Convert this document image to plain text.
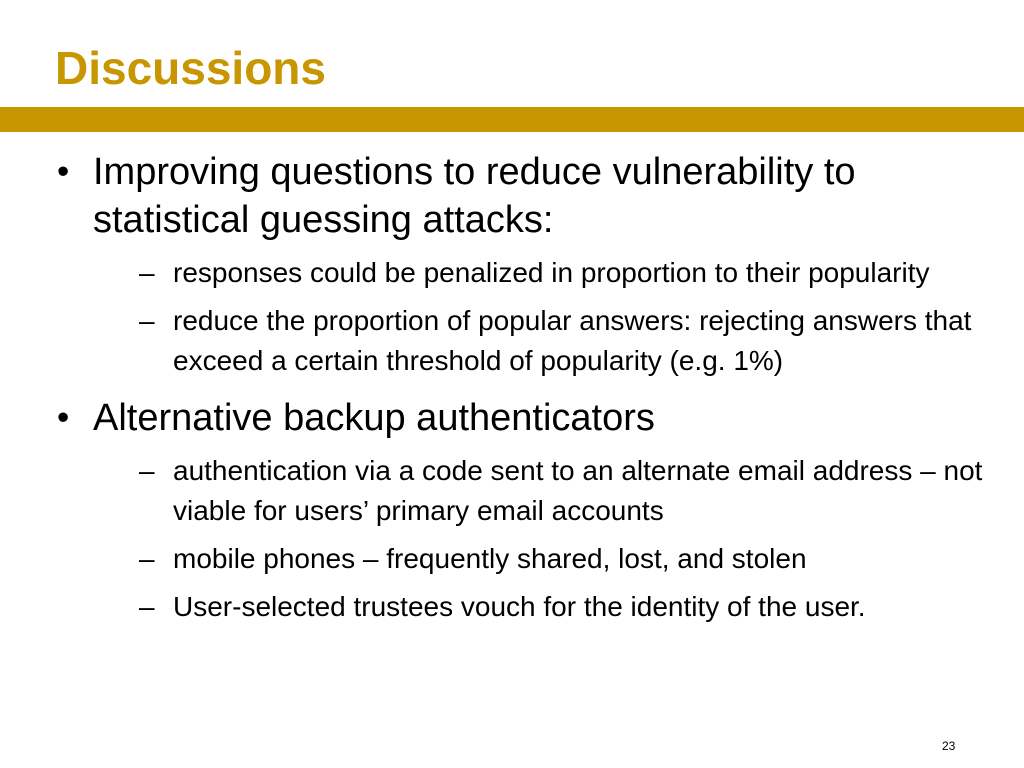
Discussions
• Improving questions to reduce vulnerability to statistical guessing attacks:
– responses could be penalized in proportion to their popularity
– reduce the proportion of popular answers: rejecting answers that exceed a certain threshold of popularity (e.g. 1%)
• Alternative backup authenticators
– authentication via a code sent to an alternate email address – not viable for users’ primary email accounts
– mobile phones – frequently shared, lost, and stolen
– User-selected trustees vouch for the identity of the user.
23
